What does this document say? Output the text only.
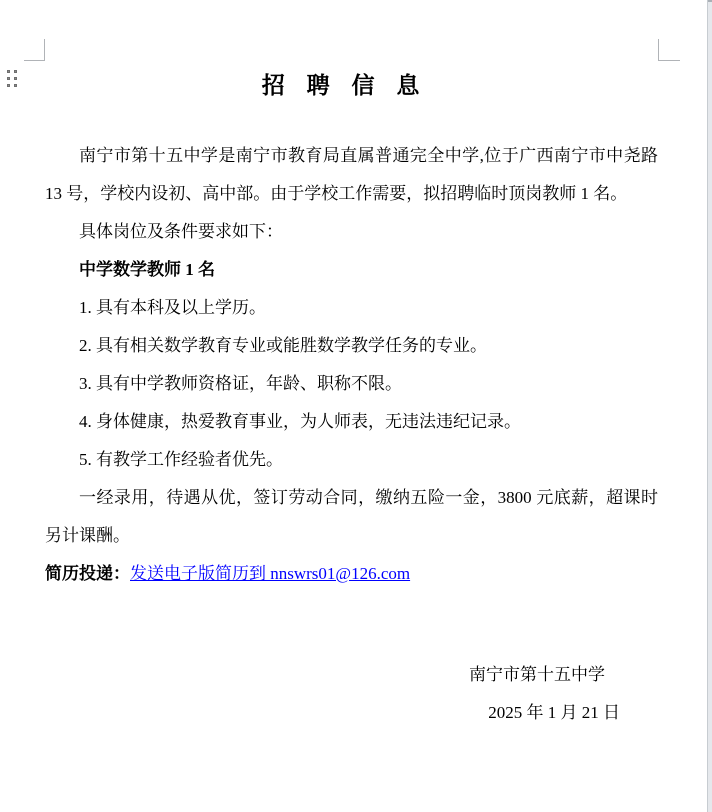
招聘信息
南宁市第十五中学是南宁市教育局直属普通完全中学,位于广西南宁市中尧路 13 号，学校内设初、高中部。由于学校工作需要，拟招聘临时顶岗教师 1 名。
具体岗位及条件要求如下：
中学数学教师 1 名
1. 具有本科及以上学历。
2. 具有相关数学教育专业或能胜数学教学任务的专业。
3. 具有中学教师资格证，年龄、职称不限。
4. 身体健康，热爱教育事业，为人师表，无违法违纪记录。
5. 有教学工作经验者优先。
一经录用，待遇从优，签订劳动合同，缴纳五险一金，3800 元底薪，超课时另计课酬。
简历投递：发送电子版简历到 nnswrs01@126.com
南宁市第十五中学
2025 年 1 月 21 日
